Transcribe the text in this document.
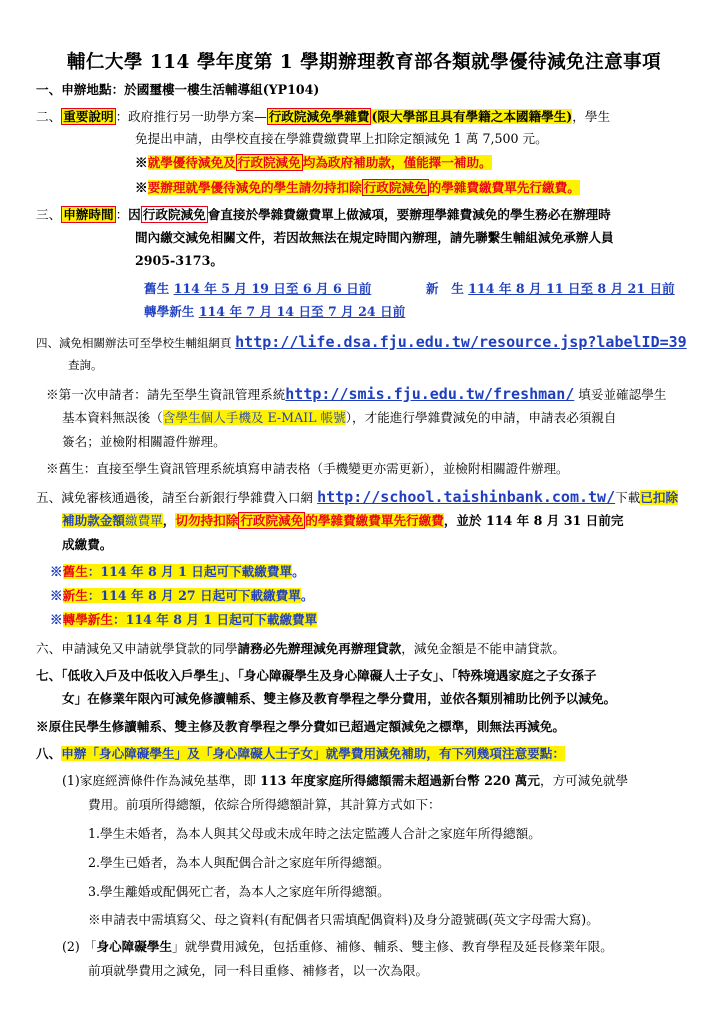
輔仁大學 114 學年度第 1 學期辦理教育部各類就學優待減免注意事項
一、申辦地點：於國璽樓一樓生活輔導組(YP104)
二、 重要說明 ：政府推行另一助學方案— 行政院減免學雜費 (限大學部且具有學籍之本國籍學生)，學生
免提出申請，由學校直接在學雜費繳費單上扣除定額減免 1 萬 7,500 元。
※就學優待減免及 行政院減免 均為政府補助款，僅能擇一補助。
※要辦理就學優待減免的學生請勿持扣除 行政院減免 的學雜費繳費單先行繳費。
三、 申辦時間 ：因 行政院減免 會直接於學雜費繳費單上做減項，要辦理學雜費減免的學生務必在辦理時
間內繳交減免相關文件，若因故無法在規定時間內辦理，請先聯繫生輔組減免承辦人員
2905-3173。
舊生 114 年 5 月 19 日至 6 月 6 日前	新　生 114 年 8 月 11 日至 8 月 21 日前
轉學新生 114 年 7 月 14 日至 7 月 24 日前
四、減免相關辦法可至學校生輔組網頁 http://life.dsa.fju.edu.tw/resource.jsp?labelID=39
查詢。
※第一次申請者：請先至學生資訊管理系統http://smis.fju.edu.tw/freshman/ 填妥並確認學生
基本資料無誤後（含學生個人手機及 E-MAIL 帳號），才能進行學雜費減免的申請，申請表必須親自
簽名；並檢附相關證件辦理。
※舊生：直接至學生資訊管理系統填寫申請表格（手機變更亦需更新），並檢附相關證件辦理。
五、減免審核通過後，請至台新銀行學雜費入口網 http://school.taishinbank.com.tw/下載已扣除
補助款金額繳費單，切勿持扣除 行政院減免 的學雜費繳費單先行繳費，並於 114 年 8 月 31 日前完
成繳費。
※舊生：114 年 8 月 1 日起可下載繳費單。
※新生：114 年 8 月 27 日起可下載繳費單。
※轉學新生：114 年 8 月 1 日起可下載繳費單
六、申請減免又申請就學貸款的同學請務必先辦理減免再辦理貸款，減免金額是不能申請貸款。
七、「低收入戶及中低收入戶學生」、「身心障礙學生及身心障礙人士子女」、「特殊境遇家庭之子女孫子
女」在修業年限內可減免修讀輔系、雙主修及教育學程之學分費用，並依各類別補助比例予以減免。
※原住民學生修讀輔系、雙主修及教育學程之學分費如已超過定額減免之標準，則無法再減免。
八、申辦「身心障礙學生」及「身心障礙人士子女」就學費用減免補助，有下列幾項注意要點：
(1)家庭經濟條件作為減免基準，即 113 年度家庭所得總額需未超過新台幣 220 萬元，方可減免就學
費用。前項所得總額，依綜合所得總額計算，其計算方式如下：
1.學生未婚者，為本人與其父母或未成年時之法定監護人合計之家庭年所得總額。
2.學生已婚者，為本人與配偶合計之家庭年所得總額。
3.學生離婚或配偶死亡者，為本人之家庭年所得總額。
※申請表中需填寫父、母之資料(有配偶者只需填配偶資料)及身分證號碼(英文字母需大寫)。
(2) 「身心障礙學生」就學費用減免，包括重修、補修、輔系、雙主修、教育學程及延長修業年限。
前項就學費用之減免，同一科目重修、補修者，以一次為限。
